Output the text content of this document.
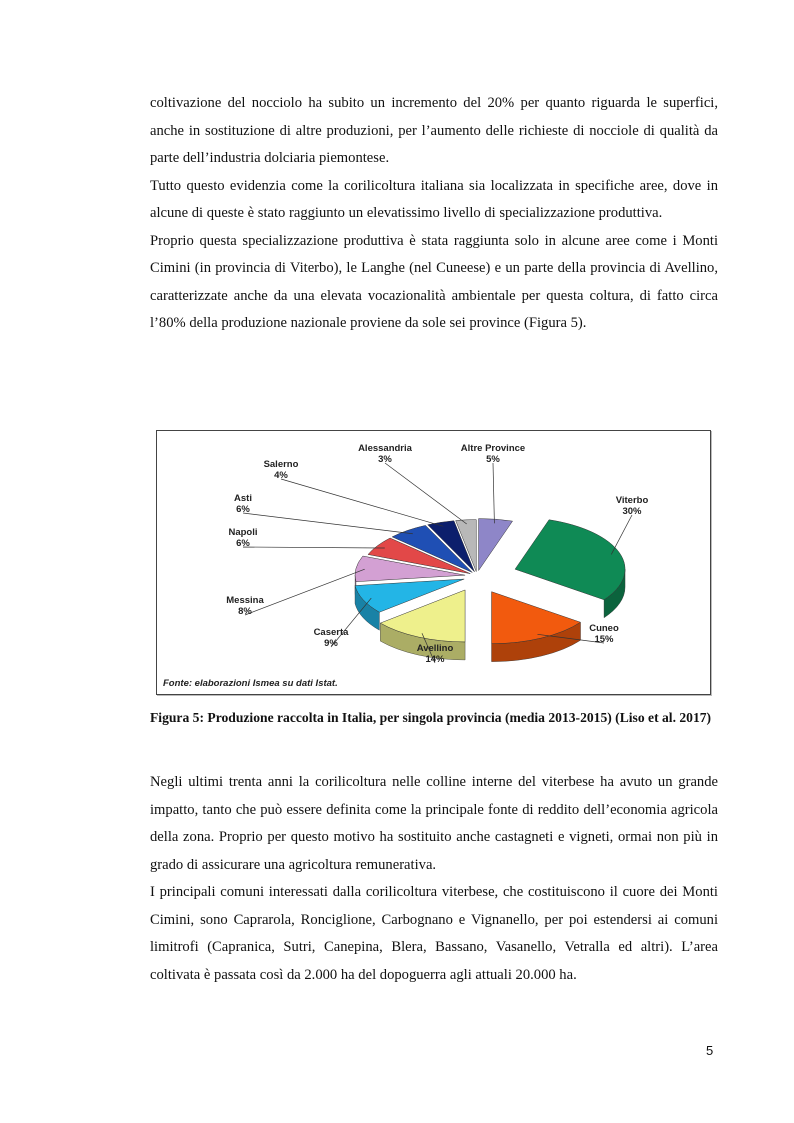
coltivazione del nocciolo ha subito un incremento del 20% per quanto riguarda le superfici, anche in sostituzione di altre produzioni, per l’aumento delle richieste di nocciole di qualità da parte dell’industria dolciaria piemontese.

Tutto questo evidenzia come la corilicoltura italiana sia localizzata in specifiche aree, dove in alcune di queste è stato raggiunto un elevatissimo livello di specializzazione produttiva.

Proprio questa specializzazione produttiva è stata raggiunta solo in alcune aree come i Monti Cimini (in provincia di Viterbo), le Langhe (nel Cuneese) e un parte della provincia di Avellino, caratterizzate anche da una elevata vocazionalità ambientale per questa coltura, di fatto circa l’80% della produzione nazionale proviene da sole sei province (Figura 5).

Viterbo
30%
Cuneo
15%
Avellino
14%
Caserta
9%
Messina
8%
Napoli
6%
Asti
6%
Salerno
4%
Alessandria
3%
Altre Province
5%
Fonte: elaborazioni Ismea su dati Istat.
Figura 5: Produzione raccolta in Italia, per singola provincia (media 2013-2015) (Liso et al. 2017)

Negli ultimi trenta anni la corilicoltura nelle colline interne del viterbese ha avuto un grande impatto, tanto che può essere definita come la principale fonte di reddito dell’economia agricola della zona. Proprio per questo motivo ha sostituito anche castagneti e vigneti, ormai non più in grado di assicurare una agricoltura remunerativa.

I principali comuni interessati dalla corilicoltura viterbese, che costituiscono il cuore dei Monti Cimini, sono Caprarola, Ronciglione, Carbognano e Vignanello, per poi estendersi ai comuni limitrofi (Capranica, Sutri, Canepina, Blera, Bassano, Vasanello, Vetralla ed altri). L’area coltivata è passata così da 2.000 ha del dopoguerra agli attuali 20.000 ha.

5
